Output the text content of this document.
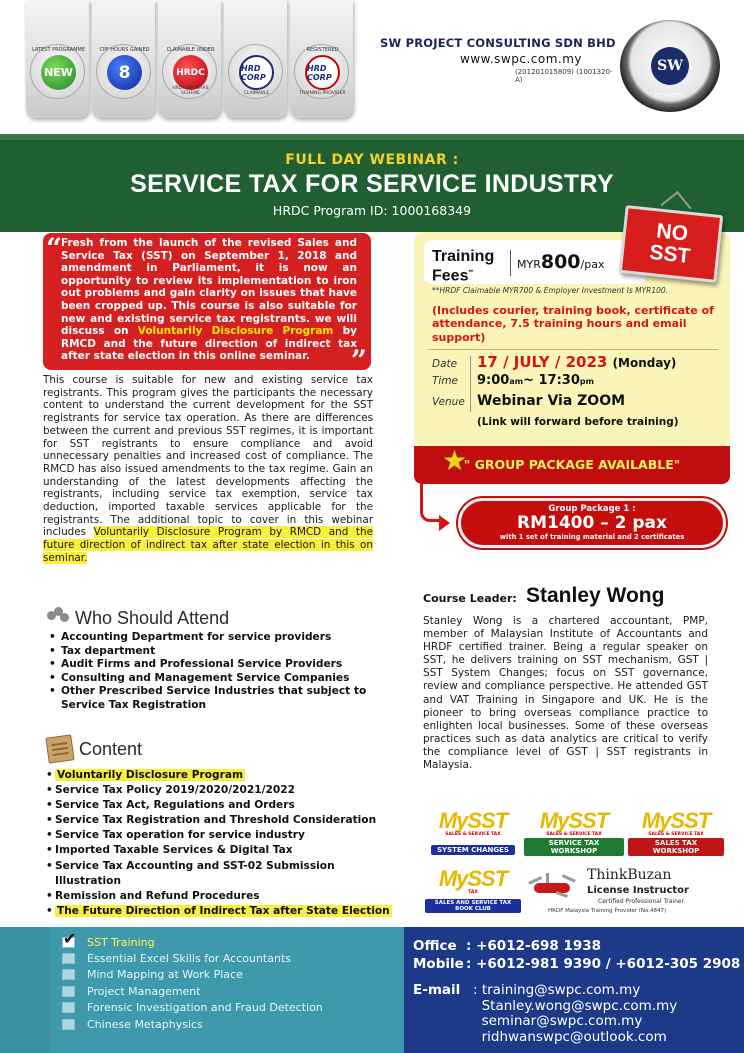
LATEST PROGRAMME
NEW
CPF HOURS GAINED
8
CLAIMABLE UNDER
HRDC
HRDF SBL KHAS SCHEME
HRD CORP
CLAIMABLE
REGISTERED
HRD CORP
TRAINING PROVIDER
SW PROJECT CONSULTING SDN BHD
www.swpc.com.my
(201201015809) (1001320-A)
SW
METAVERSE
FULL DAY WEBINAR :
SERVICE TAX FOR SERVICE INDUSTRY
HRDC Program ID: 1000168349
“
Fresh from the launch of the revised Sales and Service Tax (SST) on September 1, 2018 and amendment in Parliament, it is now an opportunity to review its implementation to iron out problems and gain clarity on issues that have been cropped up. This course is also suitable for new and existing service tax registrants. we will discuss on Voluntarily Disclosure Program by RMCD and the future direction of indirect tax after state election in this online seminar. ”
This course is suitable for new and existing service tax registrants. This program gives the participants the necessary content to understand the current development for the SST registrants for service tax operation. As there are differences between the current and previous SST regimes, it is important for SST registrants to ensure compliance and avoid unnecessary penalties and increased cost of compliance. The RMCD has also issued amendments to the tax regime. Gain an understanding of the latest developments affecting the registrants, including service tax exemption, service tax deduction, imported taxable services applicable for the registrants. The additional topic to cover in this webinar includes Voluntarily Disclosure Program by RMCD and the future direction of indirect tax after state election in this on seminar.
Who Should Attend
• Accounting Department for service providers
• Tax department
• Audit Firms and Professional Service Providers
• Consulting and Management Service Companies
• Other Prescribed Service Industries that subject to Service Tax Registration
Content
• Voluntarily Disclosure Program
• Service Tax Policy 2019/2020/2021/2022
• Service Tax Act, Regulations and Orders
• Service Tax Registration and Threshold Consideration
• Service Tax operation for service industry
• Imported Taxable Services & Digital Tax
• Service Tax Accounting and SST-02 Submission Illustration
• Remission and Refund Procedures
• The Future Direction of Indirect Tax after State Election
Training
Fees**
MYR800/pax
**HRDF Claimable MYR700 & Employer Investment Is MYR100.
(Includes courier, training book, certificate of attendance, 7.5 training hours and email support)
Date	17 / JULY / 2023 (Monday)
Time	9:00am~ 17:30pm
Venue Webinar Via ZOOM
(Link will forward before training)
NO
SST
★
" GROUP PACKAGE AVAILABLE"
Group Package 1 :
RM1400 – 2 pax
with 1 set of training material and 2 certificates
Course Leader: Stanley Wong
Stanley Wong is a chartered accountant, PMP, member of Malaysian Institute of Accountants and HRDF certified trainer. Being a regular speaker on SST, he delivers training on SST mechanism, GST | SST System Changes; focus on SST governance, review and compliance perspective. He attended GST and VAT Training in Singapore and UK. He is the pioneer to bring overseas compliance practice to enlighten local businesses. Some of these overseas practices such as data analytics are critical to verify the compliance level of GST | SST registrants in Malaysia.
MySST
SALES & SERVICE TAX
SYSTEM CHANGES
MySST
SALES & SERVICE TAX
SERVICE TAX WORKSHOP
MySST
SALES & SERVICE TAX
SALES TAX WORKSHOP
MySST
TAX
SALES AND SERVICE TAX BOOK CLUB
ThinkBuzan
License Instructor
Certified Professional Trainer
HRDF Malaysia Training Provider (No.4847)
✔
SST Training
Essential Excel Skills for Accountants
Mind Mapping at Work Place
Project Management
Forensic Investigation and Fraud Detection
Chinese Metaphysics
Office : +6012-698 1938
Mobile : +6012-981 9390 / +6012-305 2908
E-mail : training@swpc.com.my
Stanley.wong@swpc.com.my
seminar@swpc.com.my
ridhwanswpc@outlook.com
